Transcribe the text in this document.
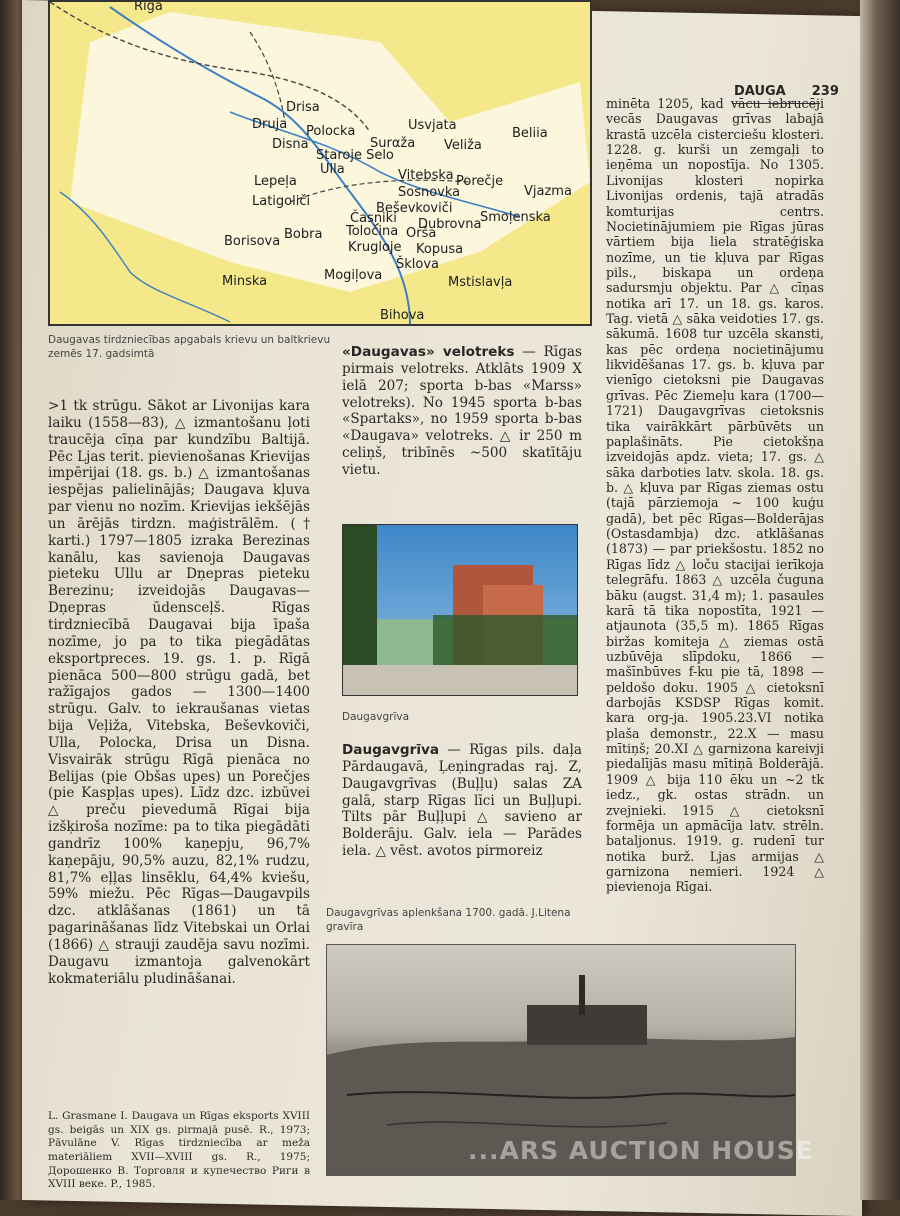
Rīga
Drisa
Druja Polocka
Surαža
Usvjata
Beliia
Disna
Staroje Selo
Veliža
Ulla	Vitebska Porečje
Vjazma
Lepeļa
Sosnovka
Beševkoviči
Latigoliči
Časņiki Dubrovna
Smoļenska
Borisova Bobra Toločina Orša
Krugloje Kopusa
Šklova
Minska	Mogiļova	Mstislavļa
Bihova
Daugavas tirdzniecības apgabals krievu un baltkrievu zemēs 17. gadsimtā
>1 tk strūgu. Sākot ar Livonijas kara laiku (1558—83), △ izmantošanu ļoti traucēja cīņa par kundzību Baltijā. Pēc Ljas terit. pievienošanas Krievijas impērijai (18. gs. b.) △ izmantošanas iespējas palielinājās; Daugava kļuva par vienu no nozīm. Krievijas iekšējās un ārējās tirdzn. maģistrālēm. († karti.) 1797—1805 izraka Berezinas kanālu, kas savienoja Daugavas pieteku Ullu ar Dņepras pieteku Berezinu; izveidojās Daugavas—Dņepras ūdensceļš. Rīgas tirdzniecībā Daugavai bija īpaša nozīme, jo pa to tika piegādātas eksportpreces. 19. gs. 1. p. Rīgā pienāca 500—800 strūgu gadā, bet ražīgajos gados — 1300—1400 strūgu. Galv. to iekraušanas vietas bija Veļiža, Vitebska, Beševkoviči, Ulla, Polocka, Drisa un Disna. Visvairāk strūgu Rīgā pienāca no Belijas (pie Obšas upes) un Porečjes (pie Kaspļas upes). Līdz dzc. izbūvei △ preču pievedumā Rīgai bija izšķiroša nozīme: pa to tika piegādāti gandrīz 100% kaņepju, 96,7% kaņepāju, 90,5% auzu, 82,1% rudzu, 81,7% eļļas linsēklu, 64,4% kviešu, 59% miežu. Pēc Rīgas—Daugavpils dzc. atklāšanas (1861) un tā pagarināšanas līdz Vitebskai un Orlai (1866) △ strauji zaudēja savu nozīmi. Daugavu izmantoja galvenokārt kokmateriālu pludināšanai.
L. Grasmane I. Daugava un Rīgas eksports XVIII gs. beigās un XIX gs. pirmajā pusē. R., 1973; Pāvulāne V. Rīgas tirdzniecība ar meža materiāliem XVII—XVIII gs. R., 1975; Дорошенко В. Торговля и купечество Риги в XVIII веке. P., 1985.
«Daugavas» velotreks — Rīgas pirmais velotreks. Atklāts 1909 X ielā 207; sporta b-bas «Marss» velotreks). No 1945 sporta b-bas «Spartaks», no 1959 sporta b-bas «Daugava» velotreks. △ ir 250 m celiņš, tribīnēs ~500 skatītāju vietu.
Daugavgrīva
Daugavgrīva — Rīgas pils. daļa Pārdaugavā, Ļeņingradas raj. Z, Daugavgrīvas (Buļļu) salas ZA galā, starp Rīgas līci un Buļļupi. Tilts pār Buļļupi △ savieno ar Bolderāju. Galv. iela — Parādes iela. △ vēst. avotos pirmoreiz
Daugavgrīvas aplenkšana 1700. gadā. J.Litena gravīra
...ARS AUCTION HOUSE
DAUGA 239
minēta 1205, kad vācu iebrucēji vecās Daugavas grīvas labajā krastā uzcēla cisterciešu klosteri. 1228. g. kurši un zemgaļi to ieņēma un nopostīja. No 1305. Livonijas klosteri nopirka Livonijas ordenis, tajā atradās komturijas centrs. Nocietinājumiem pie Rīgas jūras vārtiem bija liela stratēģiska nozīme, un tie kļuva par Rīgas pils., biskapa un ordeņa sadursmju objektu. Par △ cīņas notika arī 17. un 18. gs. karos. Tag. vietā △ sāka veidoties 17. gs. sākumā. 1608 tur uzcēla skansti, kas pēc ordeņa nocietinājumu likvidēšanas 17. gs. b. kļuva par vienīgo cietoksni pie Daugavas grīvas. Pēc Ziemeļu kara (1700—1721) Daugavgrīvas cietoksnis tika vairākkārt pārbūvēts un paplašināts. Pie cietokšņa izveidojās apdz. vieta; 17. gs. △ sāka darboties latv. skola. 18. gs. b. △ kļuva par Rīgas ziemas ostu (tajā pārziemoja ~ 100 kuģu gadā), bet pēc Rīgas—Bolderājas (Ostasdambja) dzc. atklāšanas (1873) — par priekšostu. 1852 no Rīgas līdz △ loču stacijai ierīkoja telegrāfu. 1863 △ uzcēla čuguna bāku (augst. 31,4 m); 1. pasaules karā tā tika nopostīta, 1921 — atjaunota (35,5 m). 1865 Rīgas biržas komiteja △ ziemas ostā uzbūvēja slīpdoku, 1866 — mašīnbūves f-ku pie tā, 1898 — peldošo doku. 1905 △ cietoksnī darbojās KSDSP Rīgas komit. kara org-ja. 1905.23.VI notika plaša demonstr., 22.X — masu mītiņš; 20.XI △ garnizona kareivji piedalījās masu mītiņā Bolderājā. 1909 △ bija 110 ēku un ~2 tk iedz., gk. ostas strādn. un zvejnieki. 1915 △ cietoksnī formēja un apmācīja latv. strēln. bataljonus. 1919. g. rudenī tur notika burž. Ljas armijas △ garnizona nemieri. 1924 △ pievienoja Rīgai.
